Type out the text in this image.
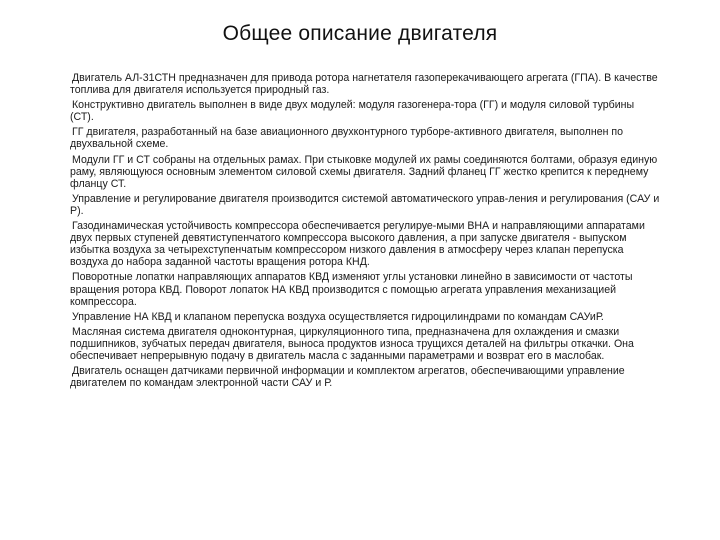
Общее описание двигателя

Двигатель АЛ-31СТН предназначен для привода ротора нагнетателя газоперекачивающего агрегата (ГПА). В качестве топлива для двигателя используется природный газ.

Конструктивно двигатель выполнен в виде двух модулей: модуля газогенера-тора (ГГ) и модуля силовой турбины (СТ).

ГГ двигателя, разработанный на базе авиационного двухконтурного турборе-активного двигателя, выполнен по двухвальной схеме.

Модули ГГ и СТ собраны на отдельных рамах. При стыковке модулей их рамы соединяются болтами, образуя единую раму, являющуюся основным элементом силовой схемы двигателя. Задний фланец ГГ жестко крепится к переднему фланцу СТ.

Управление и регулирование двигателя производится системой автоматического управ-ления и регулирования (САУ и Р).

Газодинамическая устойчивость компрессора обеспечивается регулируе-мыми ВНА и направляющими аппаратами двух первых ступеней девятиступенчатого компрессора высокого давления, а при запуске двигателя - выпуском избытка воздуха за четырехступенчатым компрессором низкого давления в атмосферу через клапан перепуска воздуха до набора заданной частоты вращения ротора КНД.

Поворотные лопатки направляющих аппаратов КВД изменяют углы установки линейно в зависимости от частоты вращения ротора КВД. Поворот лопаток НА КВД производится с помощью агрегата управления механизацией компрессора.

Управление НА КВД и клапаном перепуска воздуха осуществляется гидроцилиндрами по командам САУиР.

Масляная система двигателя одноконтурная, циркуляционного типа, предназначена для охлаждения и смазки подшипников, зубчатых передач двигателя, выноса продуктов износа трущихся деталей на фильтры откачки. Она обеспечивает непрерывную подачу в двигатель масла с заданными параметрами и возврат его в маслобак.

Двигатель оснащен датчиками первичной информации и комплектом агрегатов, обеспечивающими управление двигателем по командам электронной части САУ и Р.
